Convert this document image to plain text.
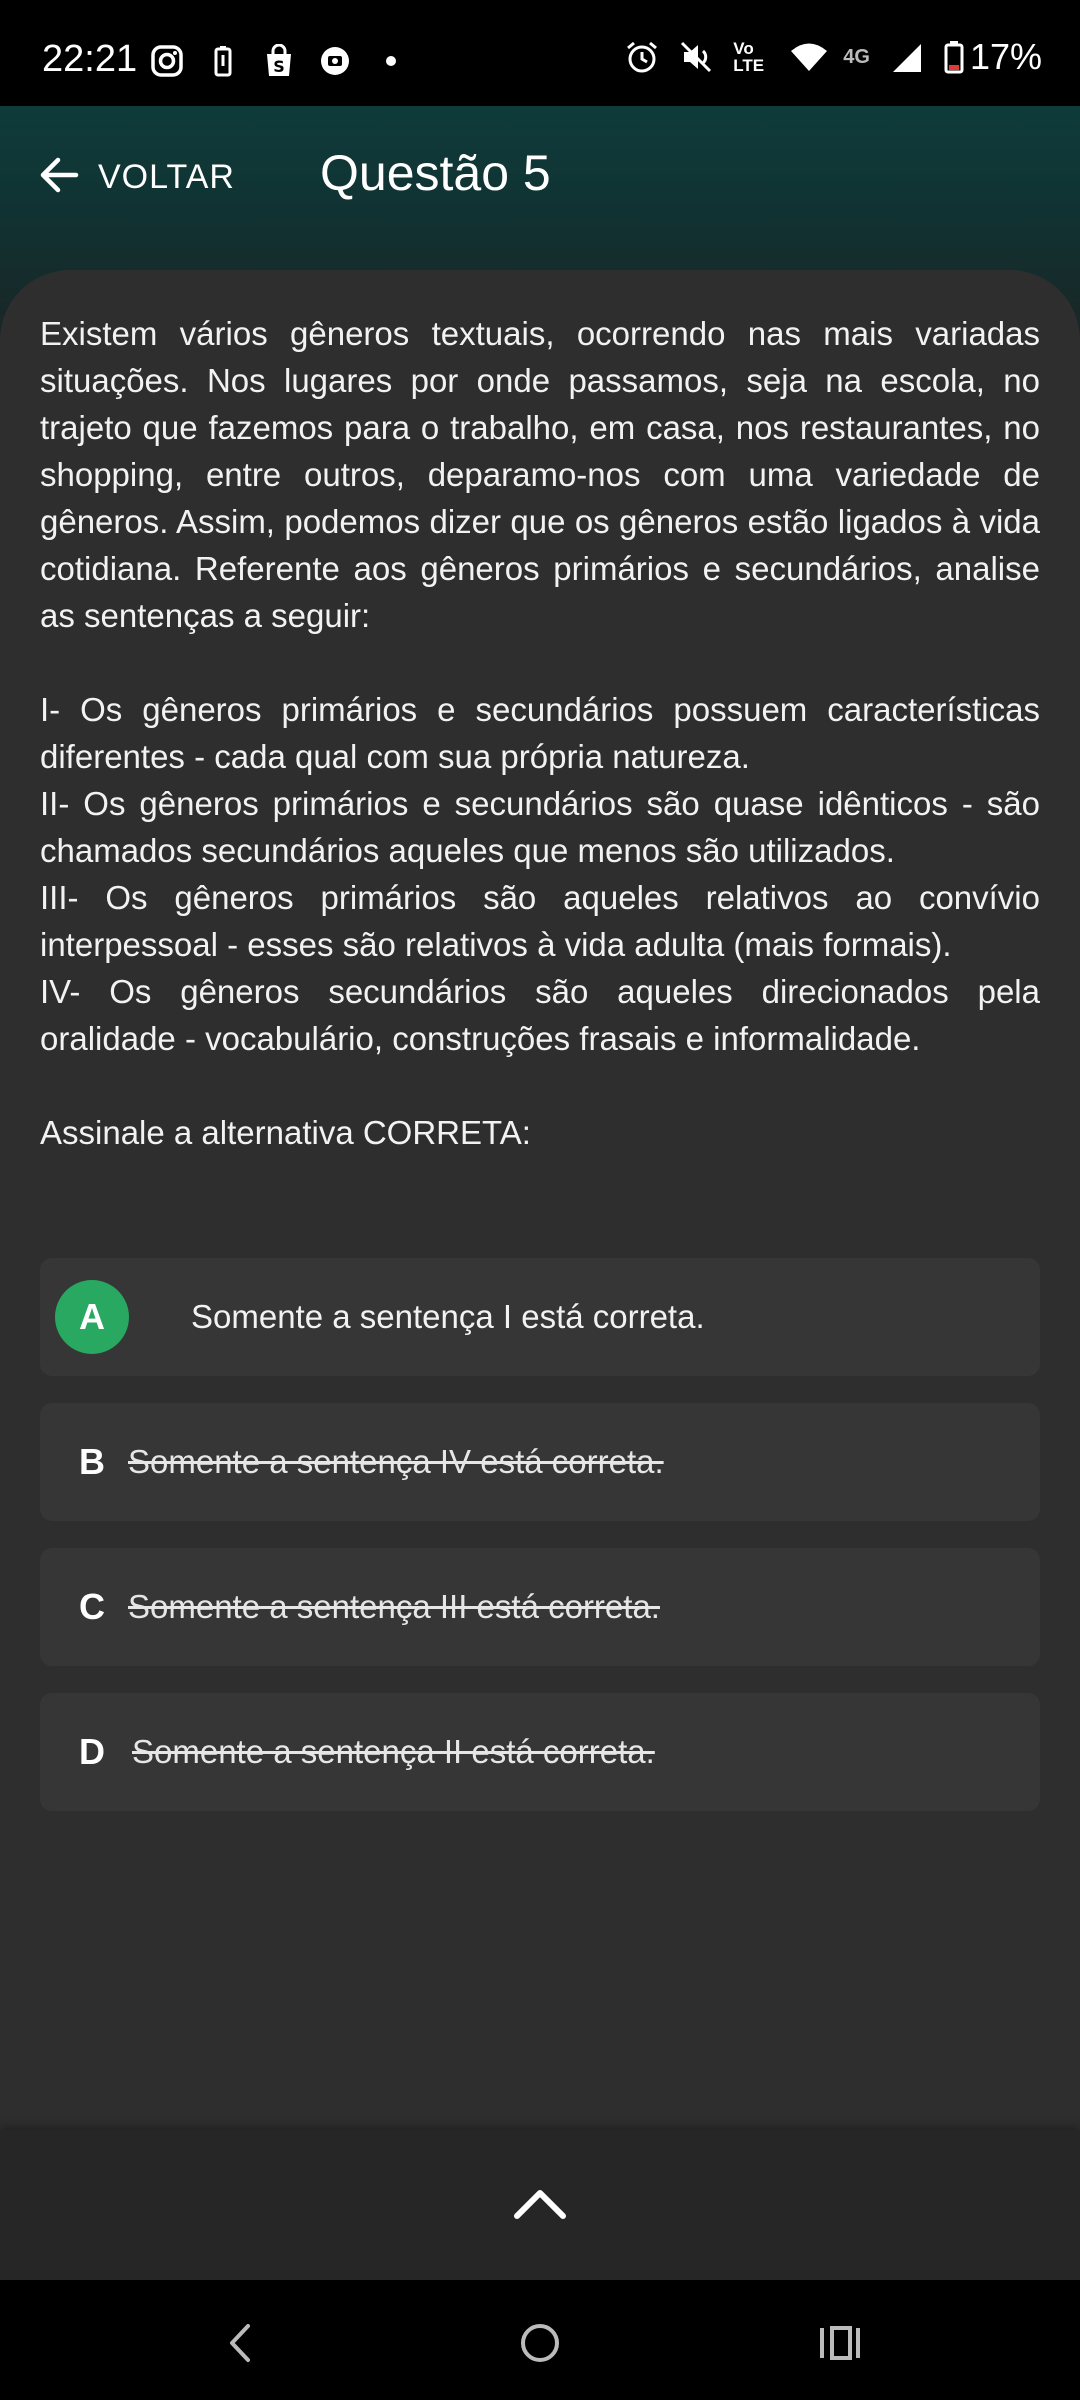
22:21	S
Vo LTE	4G	17%
VOLTAR Questão 5

Existem vários gêneros textuais, ocorrendo nas mais variadas situações. Nos lugares por onde passamos, seja na escola, no trajeto que fazemos para o trabalho, em casa, nos restaurantes, no shopping, entre outros, deparamo-nos com uma variedade de gêneros. Assim, podemos dizer que os gêneros estão ligados à vida cotidiana. Referente aos gêneros primários e secundários, analise as sentenças a seguir:

I- Os gêneros primários e secundários possuem características diferentes - cada qual com sua própria natureza.

II- Os gêneros primários e secundários são quase idênticos - são chamados secundários aqueles que menos são utilizados.

III- Os gêneros primários são aqueles relativos ao convívio interpessoal - esses são relativos à vida adulta (mais formais).

IV- Os gêneros secundários são aqueles direcionados pela oralidade - vocabulário, construções frasais e informalidade.

Assinale a alternativa CORRETA:

A	Somente a sentença I está correta.
B Somente a sentença IV está correta.
C Somente a sentença III está correta.
D Somente a sentença II está correta.
